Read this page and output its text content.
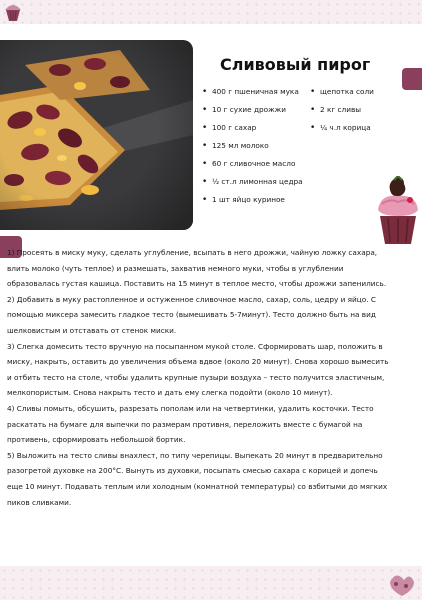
Сливовый пирог
• 400 г пшеничная мука
• 10 г сухие дрожжи
• 100 г сахар
• 125 мл молоко
• 60 г сливочное масло
• ½ ст.л лимонная цедра
• 1 шт яйцо куриное
• щепотка соли
• 2 кг сливы
• ¼ ч.л корица

1) Просеять в миску муку, сделать углубление, всыпать в него дрожжи, чайную ложку сахара, влить молоко (чуть теплое) и размешать, захватив немного муки, чтобы в углублении образовалась густая кашица. Поставить на 15 минут в теплое место, чтобы дрожжи запенились.

2) Добавить в муку растопленное и остуженное сливочное масло, сахар, соль, цедру и яйцо. С помощью миксера замесить гладкое тесто (вымешивать 5-7минут). Тесто должно быть на вид шелковистым и отставать от стенок миски.

3) Слегка домесить тесто вручную на посыпанном мукой столе. Сформировать шар, положить в миску, накрыть, оставить до увеличения объема вдвое (около 20 минут). Снова хорошо вымесить и отбить тесто на столе, чтобы удалить крупные пузыри воздуха – тесто получится эластичным, мелкопористым. Снова накрыть тесто и дать ему слегка подойти (около 10 минут).

4) Сливы помыть, обсушить, разрезать пополам или на четвертинки, удалить косточки. Тесто раскатать на бумаге для выпечки по размерам противня, переложить вместе с бумагой на противень, сформировать небольшой бортик.

5) Выложить на тесто сливы внахлест, по типу черепицы. Выпекать 20 минут в предварительно разогретой духовке на 200°С. Вынуть из духовки, посыпать смесью сахара с корицей и допечь еще 10 минут. Подавать теплым или холодным (комнатной температуры) со взбитыми до мягких пиков сливками.
